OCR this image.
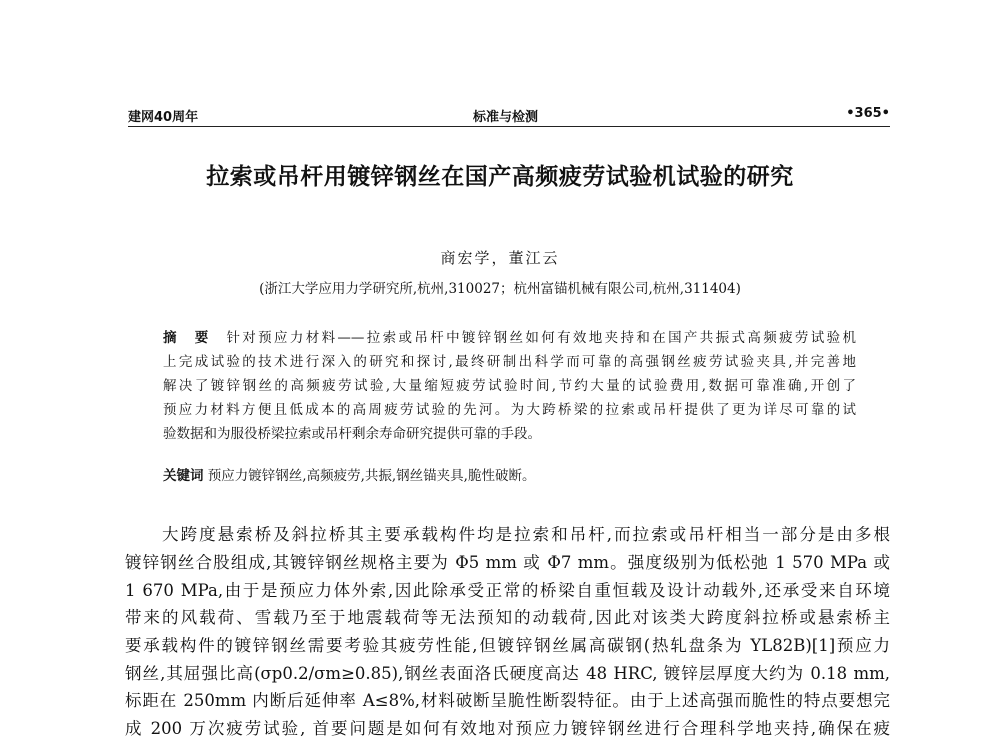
建网40周年	标准与检测	•365•
拉索或吊杆用镀锌钢丝在国产高频疲劳试验机试验的研究
商宏学，董江云
(浙江大学应用力学研究所,杭州,310027；杭州富锚机械有限公司,杭州,311404)
摘　要　 针对预应力材料——拉索或吊杆中镀锌钢丝如何有效地夹持和在国产共振式高频疲劳试验机
上完成试验的技术进行深入的研究和探讨,最终研制出科学而可靠的高强钢丝疲劳试验夹具,并完善地
解决了镀锌钢丝的高频疲劳试验,大量缩短疲劳试验时间,节约大量的试验费用,数据可靠准确,开创了
预应力材料方便且低成本的高周疲劳试验的先河。为大跨桥梁的拉索或吊杆提供了更为详尽可靠的试
验数据和为服役桥梁拉索或吊杆剩余寿命研究提供可靠的手段。
关键词 预应力镀锌钢丝,高频疲劳,共振,钢丝锚夹具,脆性破断。
　　大跨度悬索桥及斜拉桥其主要承载构件均是拉索和吊杆,而拉索或吊杆相当一部分是由多根
镀锌钢丝合股组成,其镀锌钢丝规格主要为 Φ5 mm 或 Φ7 mm。强度级别为低松弛 1 570 MPa 或
1 670 MPa,由于是预应力体外索,因此除承受正常的桥梁自重恒载及设计动载外,还承受来自环境
带来的风载荷、雪载乃至于地震载荷等无法预知的动载荷,因此对该类大跨度斜拉桥或悬索桥主
要承载构件的镀锌钢丝需要考验其疲劳性能,但镀锌钢丝属高碳钢(热轧盘条为 YL82B)[1]预应力
钢丝,其屈强比高(σp0.2/σm≥0.85),钢丝表面洛氏硬度高达 48 HRC, 镀锌层厚度大约为 0.18 mm,
标距在 250mm 内断后延伸率 A≤8%,材料破断呈脆性断裂特征。由于上述高强而脆性的特点要想完
成 200 万次疲劳试验, 首要问题是如何有效地对预应力镀锌钢丝进行合理科学地夹持,确保在疲
